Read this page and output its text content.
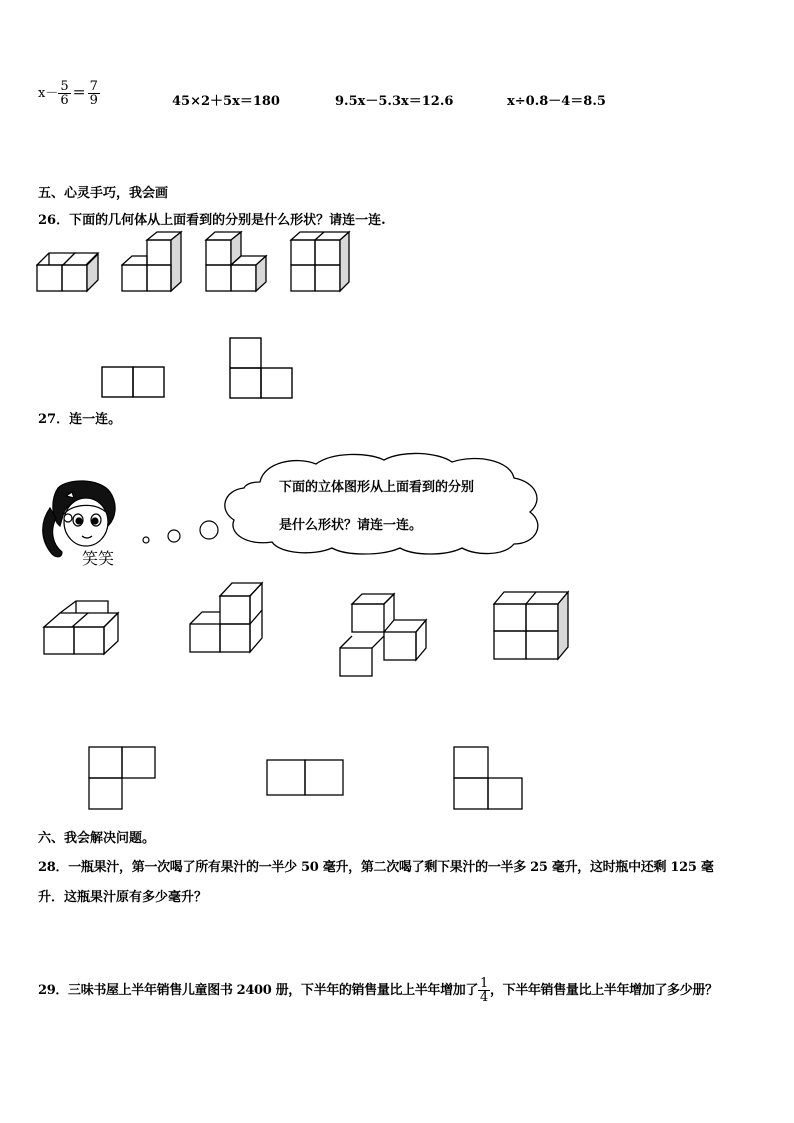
$x- \frac{5}{6} = \frac{7}{9}$	45×2＋5x＝180	9.5x－5.3x＝12.6	x÷0.8－4＝8.5
五、心灵手巧，我会画
26．下面的几何体从上面看到的分别是什么形状？请连一连.
27．连一连。
笑笑
下面的立体图形从上面看到的分别
是什么形状？请连一连。
六、我会解决问题。
28．一瓶果汁，第一次喝了所有果汁的一半少 50 毫升，第二次喝了剩下果汁的一半多 25 毫升，这时瓶中还剩 125 毫
升．这瓶果汁原有多少毫升？
29．三味书屋上半年销售儿童图书 2400 册，下半年的销售量比上半年增加了 $\frac{1}{4}$ ，下半年销售量比上半年增加了多少册？
